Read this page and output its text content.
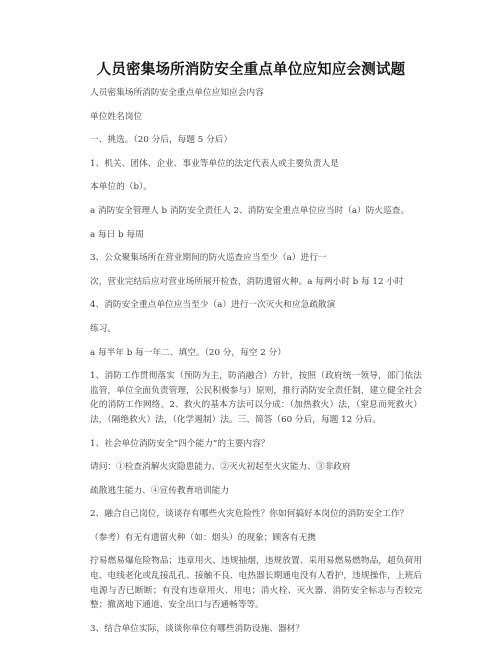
人员密集场所消防安全重点单位应知应会测试题

人员密集场所消防安全重点单位应知应会内容

单位姓名岗位

一、挑选。（20 分后，每题 5 分后）

1、机关、团体、企业、事业等单位的法定代表人或主要负责人是

本单位的（b）。

a 消防安全管理人 b 消防安全责任人 2、消防安全重点单位应当时（a）防火巡查。

a 每日 b 每周

3、公众聚集场所在营业期间的防火巡查应当至少（a）进行一

次，营业完结后应对营业场所展开检查，消防遗留火种。a 每两小时 b 每 12 小时

4、消防安全重点单位应当至少（a）进行一次灭火和应急疏散演

练习。

a 每半年 b 每一年二、填空。（20 分，每空 2 分）

1、消防工作贯彻落实（预防为主，防消融合）方针，按照（政府统一领导，部门依法监管，单位全面负责管理，公民积极参与）原则，推行消防安全责任制，建立健全社会化的消防工作网络。2、救火的基本方法可以分成：（加热救火）法，（窒息而死救火）法，（隔绝救火）法，（化学遏制）法。三、简答（60 分后，每题 12 分后。

1、社会单位消防安全“四个能力”的主要内容？

请问：①检查消解火灾隐患能力、②灭火初起至火灾能力、③非政府

疏散逃生能力、④宣传教育培训能力

2、融合自己岗位，谈谈存有哪些火灾危险性？你如何搞好本岗位的消防安全工作？

（参考）有无有遗留火种（如：烟头）的现象；顾客有无携

拧易燃易爆危险物品；违章用火、违规抽烟，违规放置、采用易燃易燃物品，超负荷用电、电线老化或乱接乱孔、接触不良、电热器长期通电没有人看护，违规操作，上班后电源与否已断断；有没有违章用火、用电；消火栓、灭火器、消防安全标志与否较完整；撤离地下通道、安全出口与否通畅等等。

3、结合单位实际，谈谈你单位有哪些消防设施、器材？
